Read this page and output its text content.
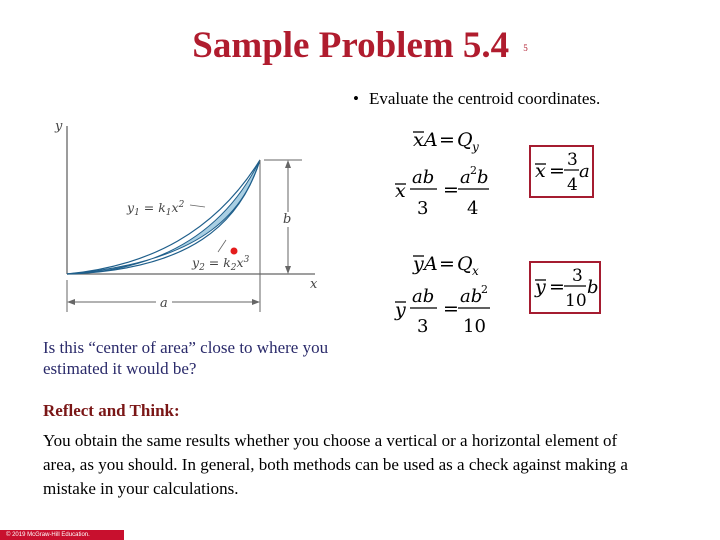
Sample Problem 5.4 5
• Evaluate the centroid coordinates.
y
x
b
a
$y_1 = k_1x^2$
$y_2 = k_2x^3$
x A = Q y
x
ab
3
=
a 2 b
4
x = 3
4
a
y A = Q x
y
ab
3
=
ab
2
10
y = 3
10
b
Is this “center of area” close to where you estimated it would be?
Reflect and Think:
You obtain the same results whether you choose a vertical or a horizontal element of area, as you should. In general, both methods can be used as a check against making a mistake in your calculations.
© 2019 McGraw-Hill Education.
